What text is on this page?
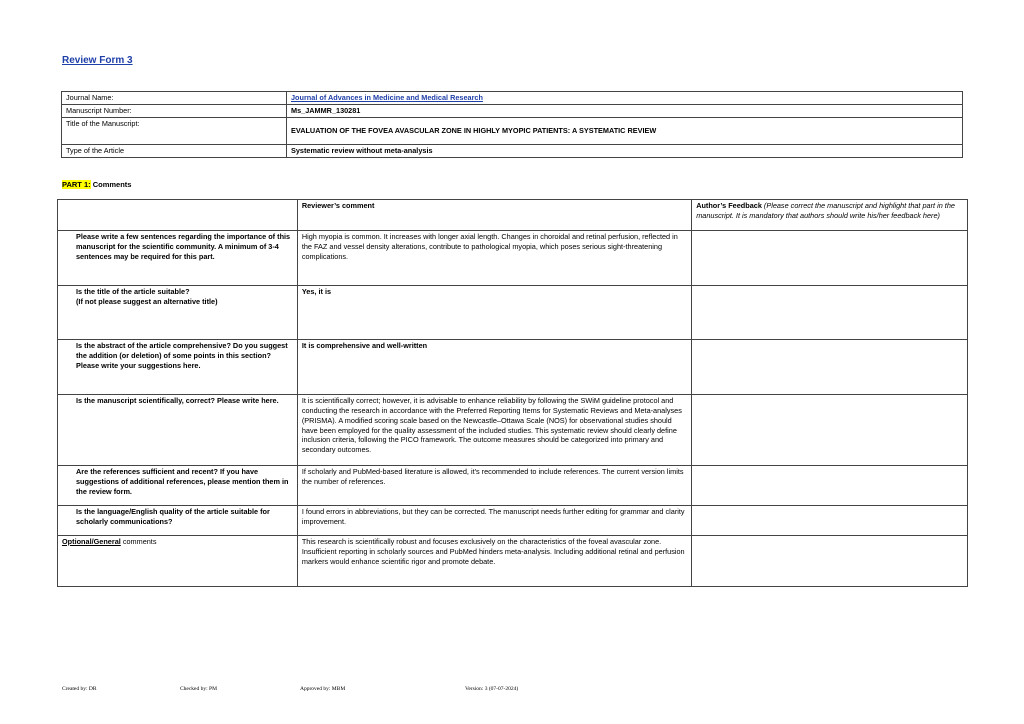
Review Form 3
Journal Name:	Journal of Advances in Medicine and Medical Research
Manuscript Number:	Ms_JAMMR_130281
Title of the Manuscript:	EVALUATION OF THE FOVEA AVASCULAR ZONE IN HIGHLY MYOPIC PATIENTS: A SYSTEMATIC REVIEW
Type of the Article	Systematic review without meta-analysis
PART 1: Comments
	Reviewer’s comment	Author’s Feedback (Please correct the manuscript and highlight that part in the manuscript. It is mandatory that authors should write his/her feedback here)
Please write a few sentences regarding the importance of this manuscript for the scientific community. A minimum of 3-4 sentences may be required for this part.	High myopia is common. It increases with longer axial length. Changes in choroidal and retinal perfusion, reflected in the FAZ and vessel density alterations, contribute to pathological myopia, which poses serious sight-threatening complications.	
Is the title of the article suitable?
(If not please suggest an alternative title)	Yes, it is	
Is the abstract of the article comprehensive? Do you suggest the addition (or deletion) of some points in this section? Please write your suggestions here.	It is comprehensive and well-written	
Is the manuscript scientifically, correct? Please write here.	It is scientifically correct; however, it is advisable to enhance reliability by following the SWiM guideline protocol and conducting the research in accordance with the Preferred Reporting Items for Systematic Reviews and Meta-analyses (PRISMA). A modified scoring scale based on the Newcastle–Ottawa Scale (NOS) for observational studies should have been employed for the quality assessment of the included studies. This systematic review should clearly define inclusion criteria, following the PICO framework. The outcome measures should be categorized into primary and secondary outcomes.	
Are the references sufficient and recent? If you have suggestions of additional references, please mention them in the review form.	If scholarly and PubMed-based literature is allowed, it's recommended to include references. The current version limits the number of references.	
Is the language/English quality of the article suitable for scholarly communications?	I found errors in abbreviations, but they can be corrected. The manuscript needs further editing for grammar and clarity improvement.	
Optional/General comments	This research is scientifically robust and focuses exclusively on the characteristics of the foveal avascular zone. Insufficient reporting in scholarly sources and PubMed hinders meta-analysis. Including additional retinal and perfusion markers would enhance scientific rigor and promote debate.	
Created by: DR	Checked by: PM	Approved by: MBM	Version: 3 (07-07-2024)
